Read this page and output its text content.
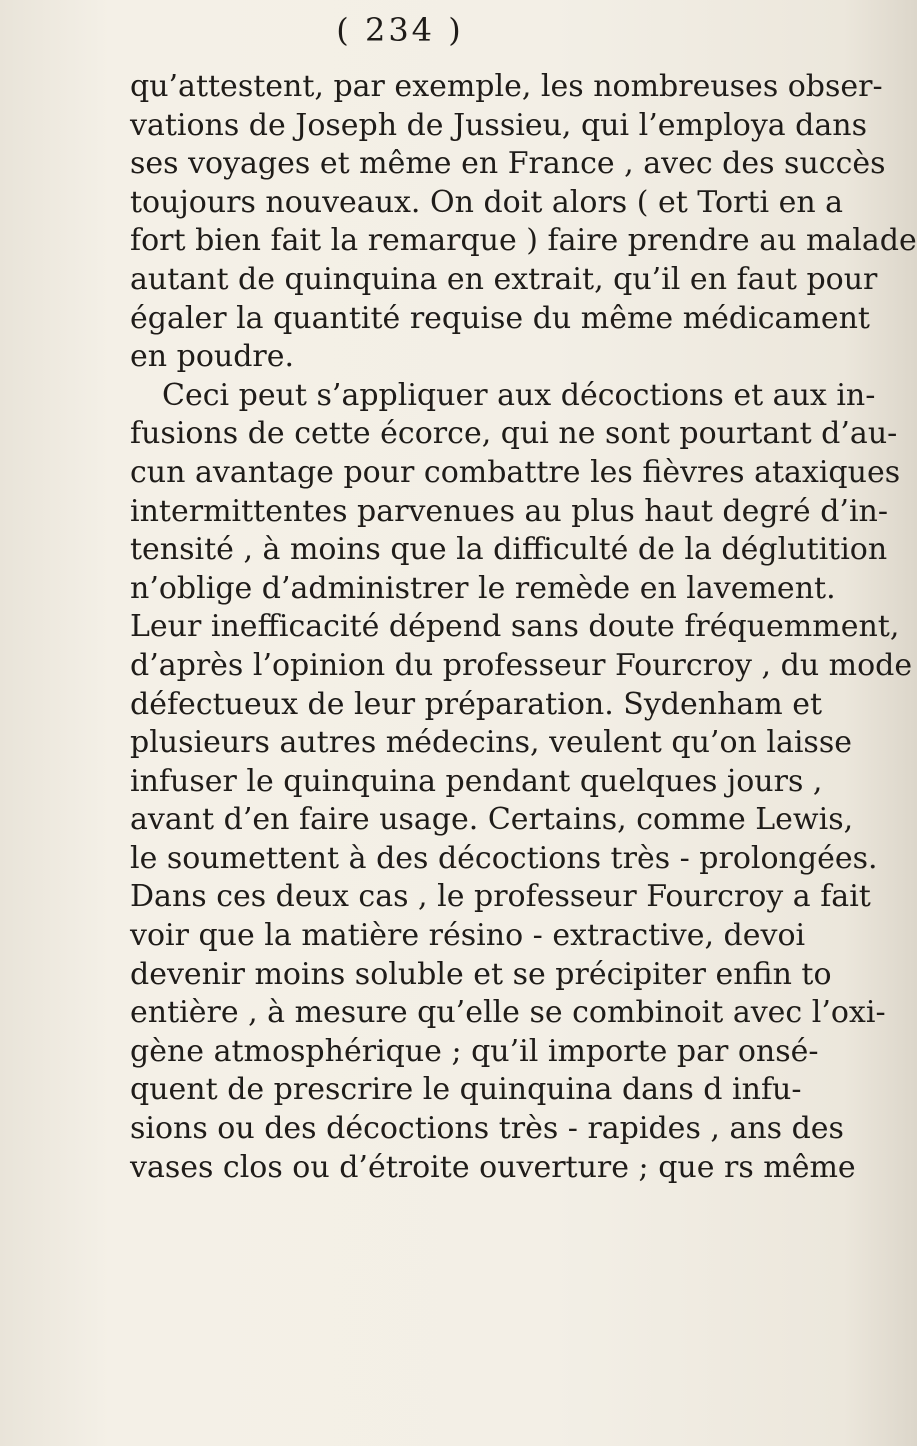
( 234 )
qu’attestent, par exemple, les nombreuses obser-
vations de Joseph de Jussieu, qui l’employa dans
ses voyages et même en France , avec des succès
toujours nouveaux. On doit alors ( et Torti en a
fort bien fait la remarque ) faire prendre au malade
autant de quinquina en extrait, qu’il en faut pour
égaler la quantité requise du même médicament
en poudre.
Ceci peut s’appliquer aux décoctions et aux in-
fusions de cette écorce, qui ne sont pourtant d’au-
cun avantage pour combattre les fièvres ataxiques
intermittentes parvenues au plus haut degré d’in-
tensité , à moins que la difficulté de la déglutition
n’oblige d’administrer le remède en lavement.
Leur inefficacité dépend sans doute fréquemment,
d’après l’opinion du professeur Fourcroy , du mode
défectueux de leur préparation. Sydenham et
plusieurs autres médecins, veulent qu’on laisse
infuser le quinquina pendant quelques jours ,
avant d’en faire usage. Certains, comme Lewis,
le soumettent à des décoctions très - prolongées.
Dans ces deux cas , le professeur Fourcroy a fait
voir que la matière résino - extractive, devoi
devenir moins soluble et se précipiter enfin to
entière , à mesure qu’elle se combinoit avec l’oxi-
gène atmosphérique ; qu’il importe par onsé-
quent de prescrire le quinquina dans d infu-
sions ou des décoctions très - rapides , ans des
vases clos ou d’étroite ouverture ; que rs même
